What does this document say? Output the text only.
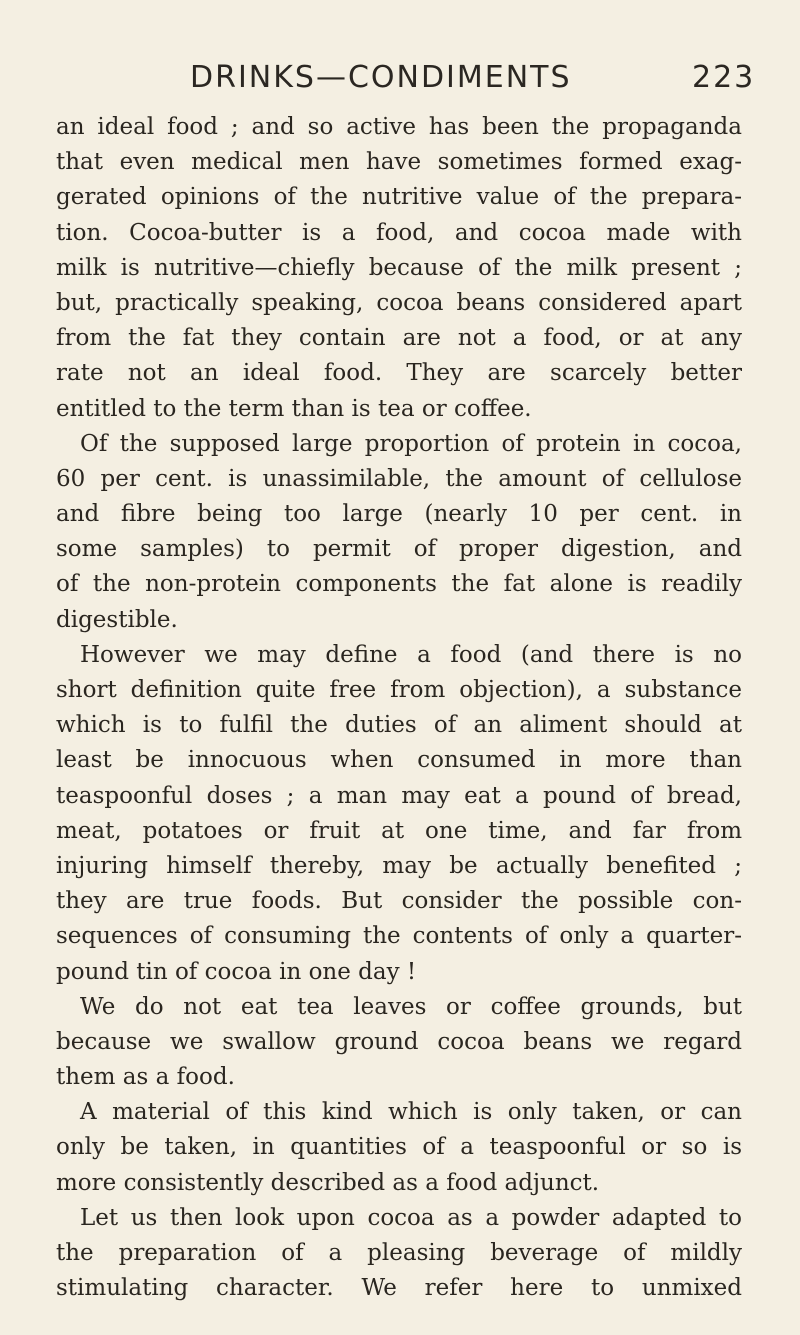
DRINKS—CONDIMENTS	223
an ideal food ; and so active has been the propaganda
that even medical men have sometimes formed exag-
gerated opinions of the nutritive value of the prepara-
tion. Cocoa-butter is a food, and cocoa made with
milk is nutritive—chiefly because of the milk present ;
but, practically speaking, cocoa beans considered apart
from the fat they contain are not a food, or at any
rate not an ideal food. They are scarcely better
entitled to the term than is tea or coffee.
Of the supposed large proportion of protein in cocoa,
60 per cent. is unassimilable, the amount of cellulose
and fibre being too large (nearly 10 per cent. in
some samples) to permit of proper digestion, and
of the non-protein components the fat alone is readily
digestible.
However we may define a food (and there is no
short definition quite free from objection), a substance
which is to fulfil the duties of an aliment should at
least be innocuous when consumed in more than
teaspoonful doses ; a man may eat a pound of bread,
meat, potatoes or fruit at one time, and far from
injuring himself thereby, may be actually benefited ;
they are true foods. But consider the possible con-
sequences of consuming the contents of only a quarter-
pound tin of cocoa in one day !
We do not eat tea leaves or coffee grounds, but
because we swallow ground cocoa beans we regard
them as a food.
A material of this kind which is only taken, or can
only be taken, in quantities of a teaspoonful or so is
more consistently described as a food adjunct.
Let us then look upon cocoa as a powder adapted to
the preparation of a pleasing beverage of mildly
stimulating character. We refer here to unmixed
